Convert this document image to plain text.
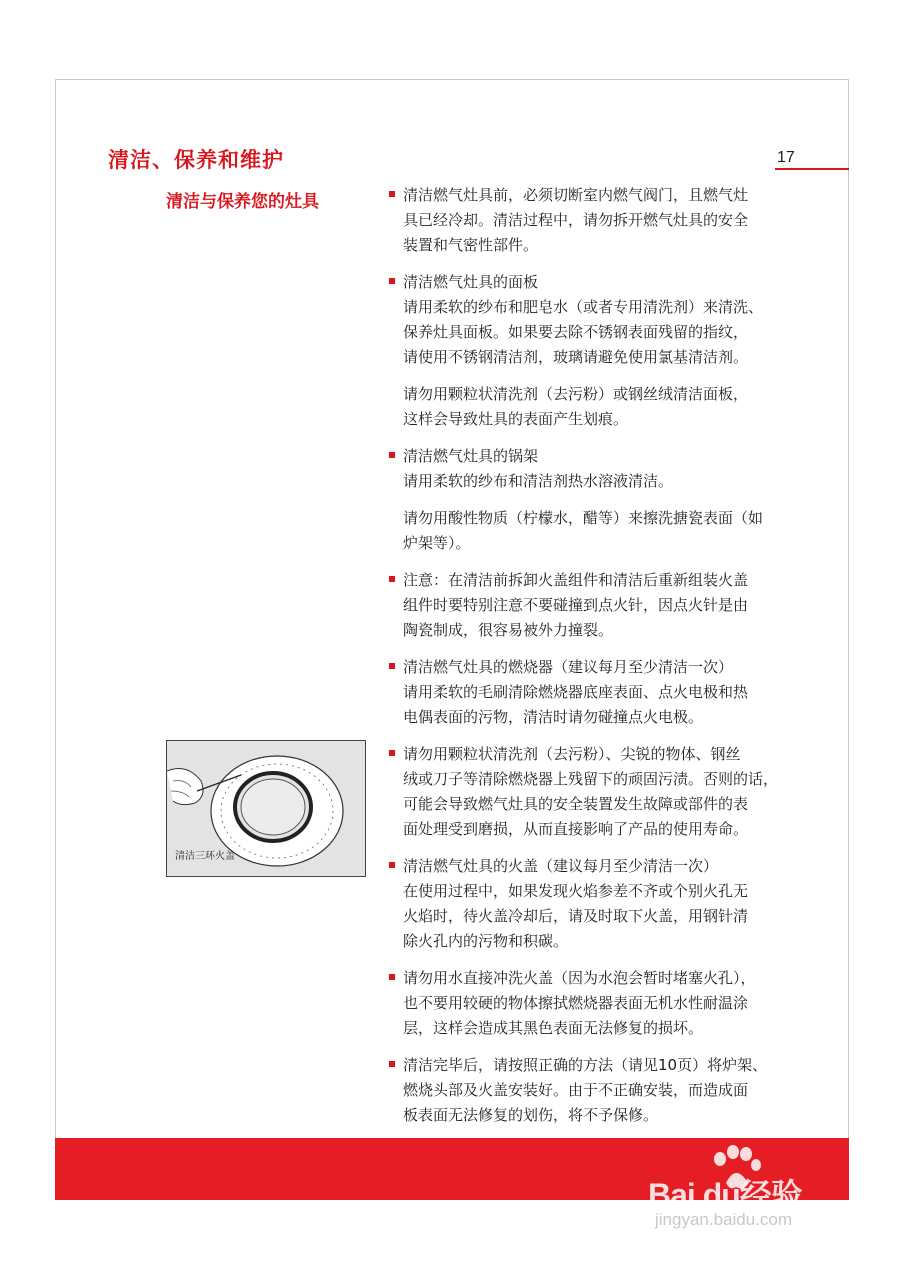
清洁、保养和维护
清洁与保养您的灶具
17

清洁燃气灶具前，必须切断室内燃气阀门，且燃气灶
具已经冷却。清洁过程中，请勿拆开燃气灶具的安全
装置和气密性部件。

清洁燃气灶具的面板
请用柔软的纱布和肥皂水（或者专用清洗剂）来清洗、
保养灶具面板。如果要去除不锈钢表面残留的指纹，
请使用不锈钢清洁剂，玻璃请避免使用氯基清洁剂。

请勿用颗粒状清洗剂（去污粉）或钢丝绒清洁面板，
这样会导致灶具的表面产生划痕。

清洁燃气灶具的锅架
请用柔软的纱布和清洁剂热水溶液清洁。

请勿用酸性物质（柠檬水，醋等）来擦洗搪瓷表面（如
炉架等）。

注意：在清洁前拆卸火盖组件和清洁后重新组装火盖
组件时要特别注意不要碰撞到点火针，因点火针是由
陶瓷制成，很容易被外力撞裂。

清洁燃气灶具的燃烧器（建议每月至少清洁一次）
请用柔软的毛刷清除燃烧器底座表面、点火电极和热
电偶表面的污物，清洁时请勿碰撞点火电极。

请勿用颗粒状清洗剂（去污粉）、尖锐的物体、钢丝
绒或刀子等清除燃烧器上残留下的顽固污渍。否则的话，
可能会导致燃气灶具的安全装置发生故障或部件的表
面处理受到磨损，从而直接影响了产品的使用寿命。

清洁燃气灶具的火盖（建议每月至少清洁一次）
在使用过程中，如果发现火焰参差不齐或个别火孔无
火焰时，待火盖冷却后，请及时取下火盖，用钢针清
除火孔内的污物和积碳。

请勿用水直接冲洗火盖（因为水泡会暂时堵塞火孔），
也不要用较硬的物体擦拭燃烧器表面无机水性耐温涂
层，这样会造成其黑色表面无法修复的损坏。

清洁完毕后，请按照正确的方法（请见10页）将炉架、
燃烧头部及火盖安装好。由于不正确安装，而造成面
板表面无法修复的划伤，将不予保修。

清洁三环火盖
Bai du经验
jingyan.baidu.com
